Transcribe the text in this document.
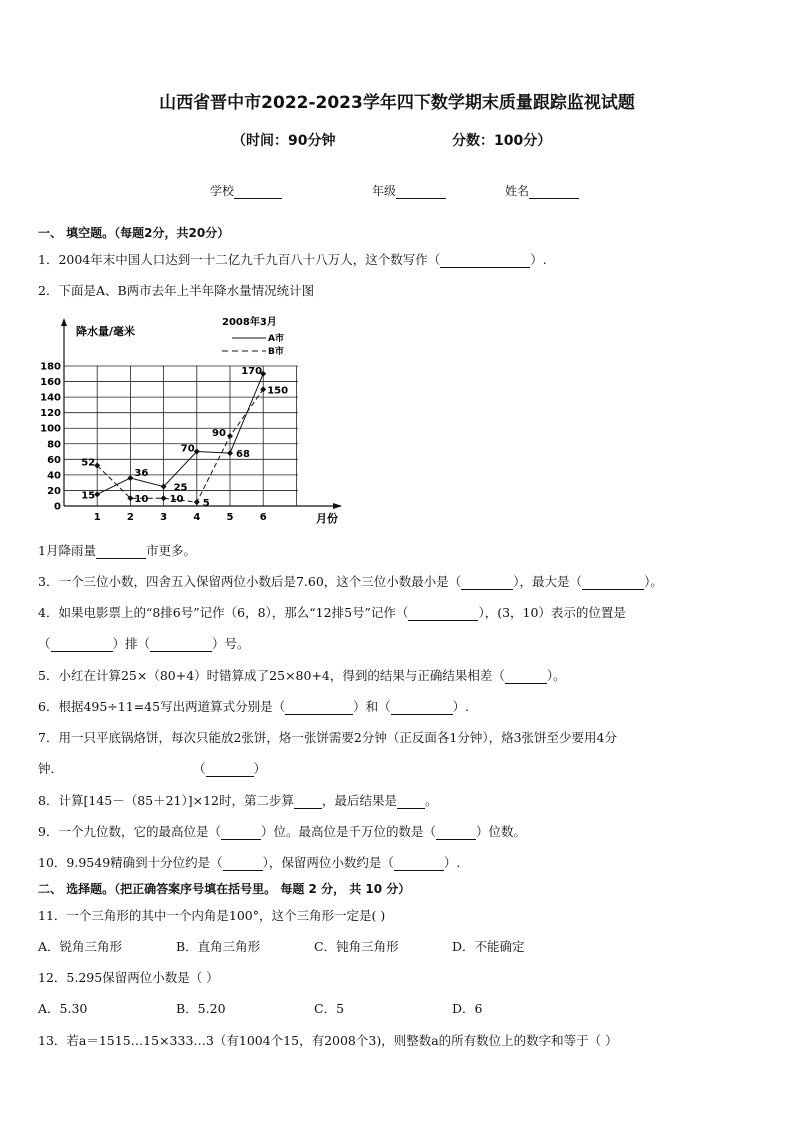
山西省晋中市2022-2023学年四下数学期末质量跟踪监视试题
（时间：90分钟	分数：100分）
学校	年级	姓名
一、 填空题。（每题2分，共20分）
1．2004年末中国人口达到一十二亿九千九百八十八万人，这个数写作（	）.
2．下面是A、B两市去年上半年降水量情况统计图
0
20
40
60
80
100
120
140
160
180
1	2	3	4	5	6
15
36
25
70
68
170
52
10 10 5
90
150
降水量/毫米
月份
2008年3月
A市
B市
1月降雨量	市更多。
3．一个三位小数，四舍五入保留两位小数后是7.60，这个三位小数最小是（	），最大是（	）。
4．如果电影票上的“8排6号”记作（6，8），那么“12排5号”记作（	），(3，10）表示的位置是
（	）排（	）号。
5．小红在计算25×（80+4）时错算成了25×80+4，得到的结果与正确结果相差（	）。
6．根据495÷11=45写出两道算式分别是（	）和（	）.
7．用一只平底锅烙饼，每次只能放2张饼，烙一张饼需要2分钟（正反面各1分钟），烙3张饼至少要用4分
钟．	（	）
8．计算[145－（85＋21）]×12时，第二步算 ，最后结果是 。
9．一个九位数，它的最高位是（	）位。最高位是千万位的数是（	）位数。
10．9.9549精确到十分位约是（	），保留两位小数约是（	）.
二、 选择题。（把正确答案序号填在括号里。 每题 2 分， 共 10 分）
11．一个三角形的其中一个内角是100°，这个三角形一定是( )
A．锐角三角形	B．直角三角形	C．钝角三角形	D．不能确定
12．5.295保留两位小数是（ ）
A．5.30	B．5.20	C．5	D．6
13．若a＝1515…15×333…3（有1004个15，有2008个3)，则整数a的所有数位上的数字和等于（ ）
